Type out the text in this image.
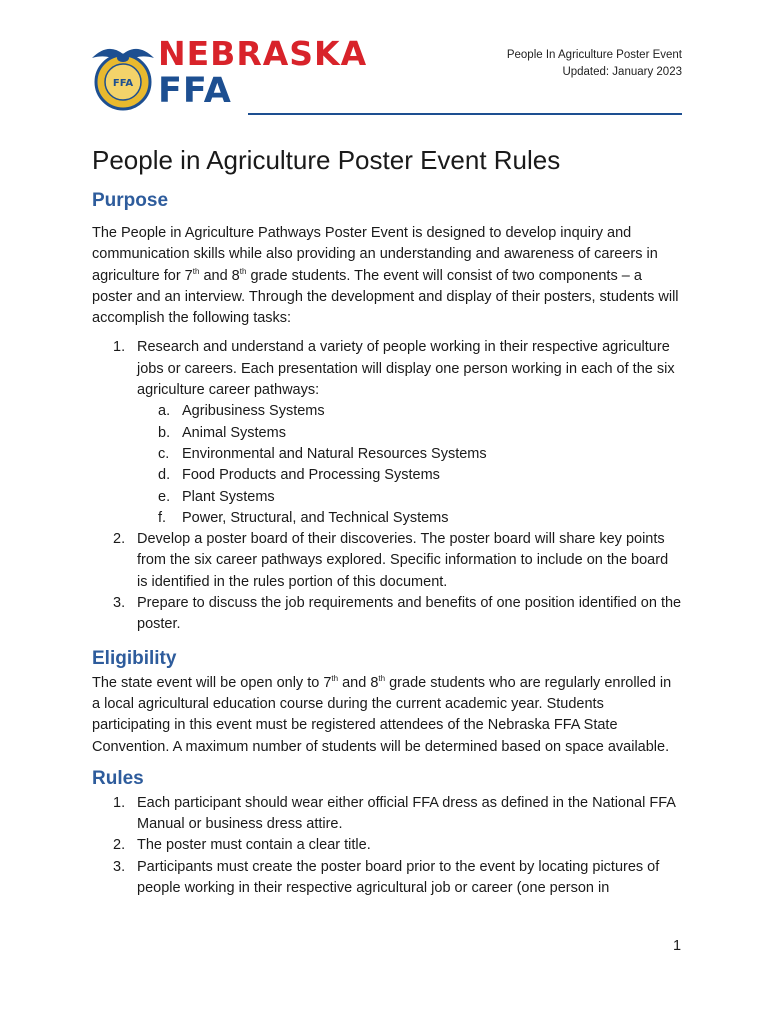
FFA
NEBRASKA
FFA
People In Agriculture Poster Event
Updated: January 2023
People in Agriculture Poster Event Rules
Purpose

The People in Agriculture Pathways Poster Event is designed to develop inquiry and communication skills while also providing an understanding and awareness of careers in agriculture for 7th and 8th grade students. The event will consist of two components – a poster and an interview. Through the development and display of their posters, students will accomplish the following tasks:

1. Research and understand a variety of people working in their respective agriculture jobs or careers. Each presentation will display one person working in each of the six agriculture career pathways:
a. Agribusiness Systems
b. Animal Systems
c. Environmental and Natural Resources Systems
d. Food Products and Processing Systems
e. Plant Systems
f. Power, Structural, and Technical Systems
2. Develop a poster board of their discoveries. The poster board will share key points from the six career pathways explored. Specific information to include on the board is identified in the rules portion of this document.
3. Prepare to discuss the job requirements and benefits of one position identified on the poster.
Eligibility

The state event will be open only to 7th and 8th grade students who are regularly enrolled in a local agricultural education course during the current academic year. Students participating in this event must be registered attendees of the Nebraska FFA State Convention. A maximum number of students will be determined based on space available.

Rules
1. Each participant should wear either official FFA dress as defined in the National FFA Manual or business dress attire.
2. The poster must contain a clear title.
3. Participants must create the poster board prior to the event by locating pictures of people working in their respective agricultural job or career (one person in
1
